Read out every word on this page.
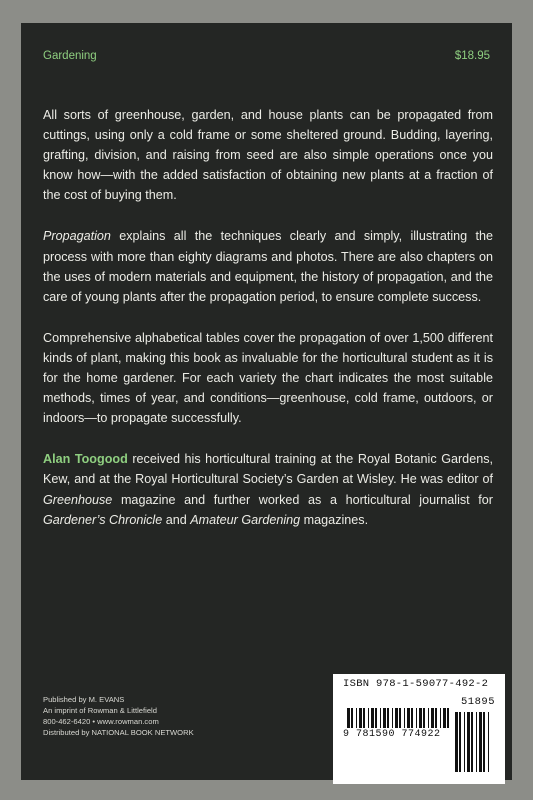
Gardening	$18.95

All sorts of greenhouse, garden, and house plants can be propagated from cuttings, using only a cold frame or some sheltered ground. Budding, layering, grafting, division, and raising from seed are also simple operations once you know how—with the added satisfaction of obtaining new plants at a fraction of the cost of buying them.

Propagation explains all the techniques clearly and simply, illustrating the process with more than eighty diagrams and photos. There are also chapters on the uses of modern materials and equipment, the history of propagation, and the care of young plants after the propagation period, to ensure complete success.

Comprehensive alphabetical tables cover the propagation of over 1,500 different kinds of plant, making this book as invaluable for the horticultural student as it is for the home gardener. For each variety the chart indicates the most suitable methods, times of year, and conditions—greenhouse, cold frame, outdoors, or indoors—to propagate successfully.

Alan Toogood received his horticultural training at the Royal Botanic Gardens, Kew, and at the Royal Horticultural Society’s Garden at Wisley. He was editor of Greenhouse magazine and further worked as a horticultural journalist for Gardener’s Chronicle and Amateur Gardening magazines.

Published by M. EVANS
An imprint of Rowman & Littlefield
800-462-6420 • www.rowman.com
Distributed by NATIONAL BOOK NETWORK
ISBN 978-1-59077-492-2
51895
9 781590 774922
